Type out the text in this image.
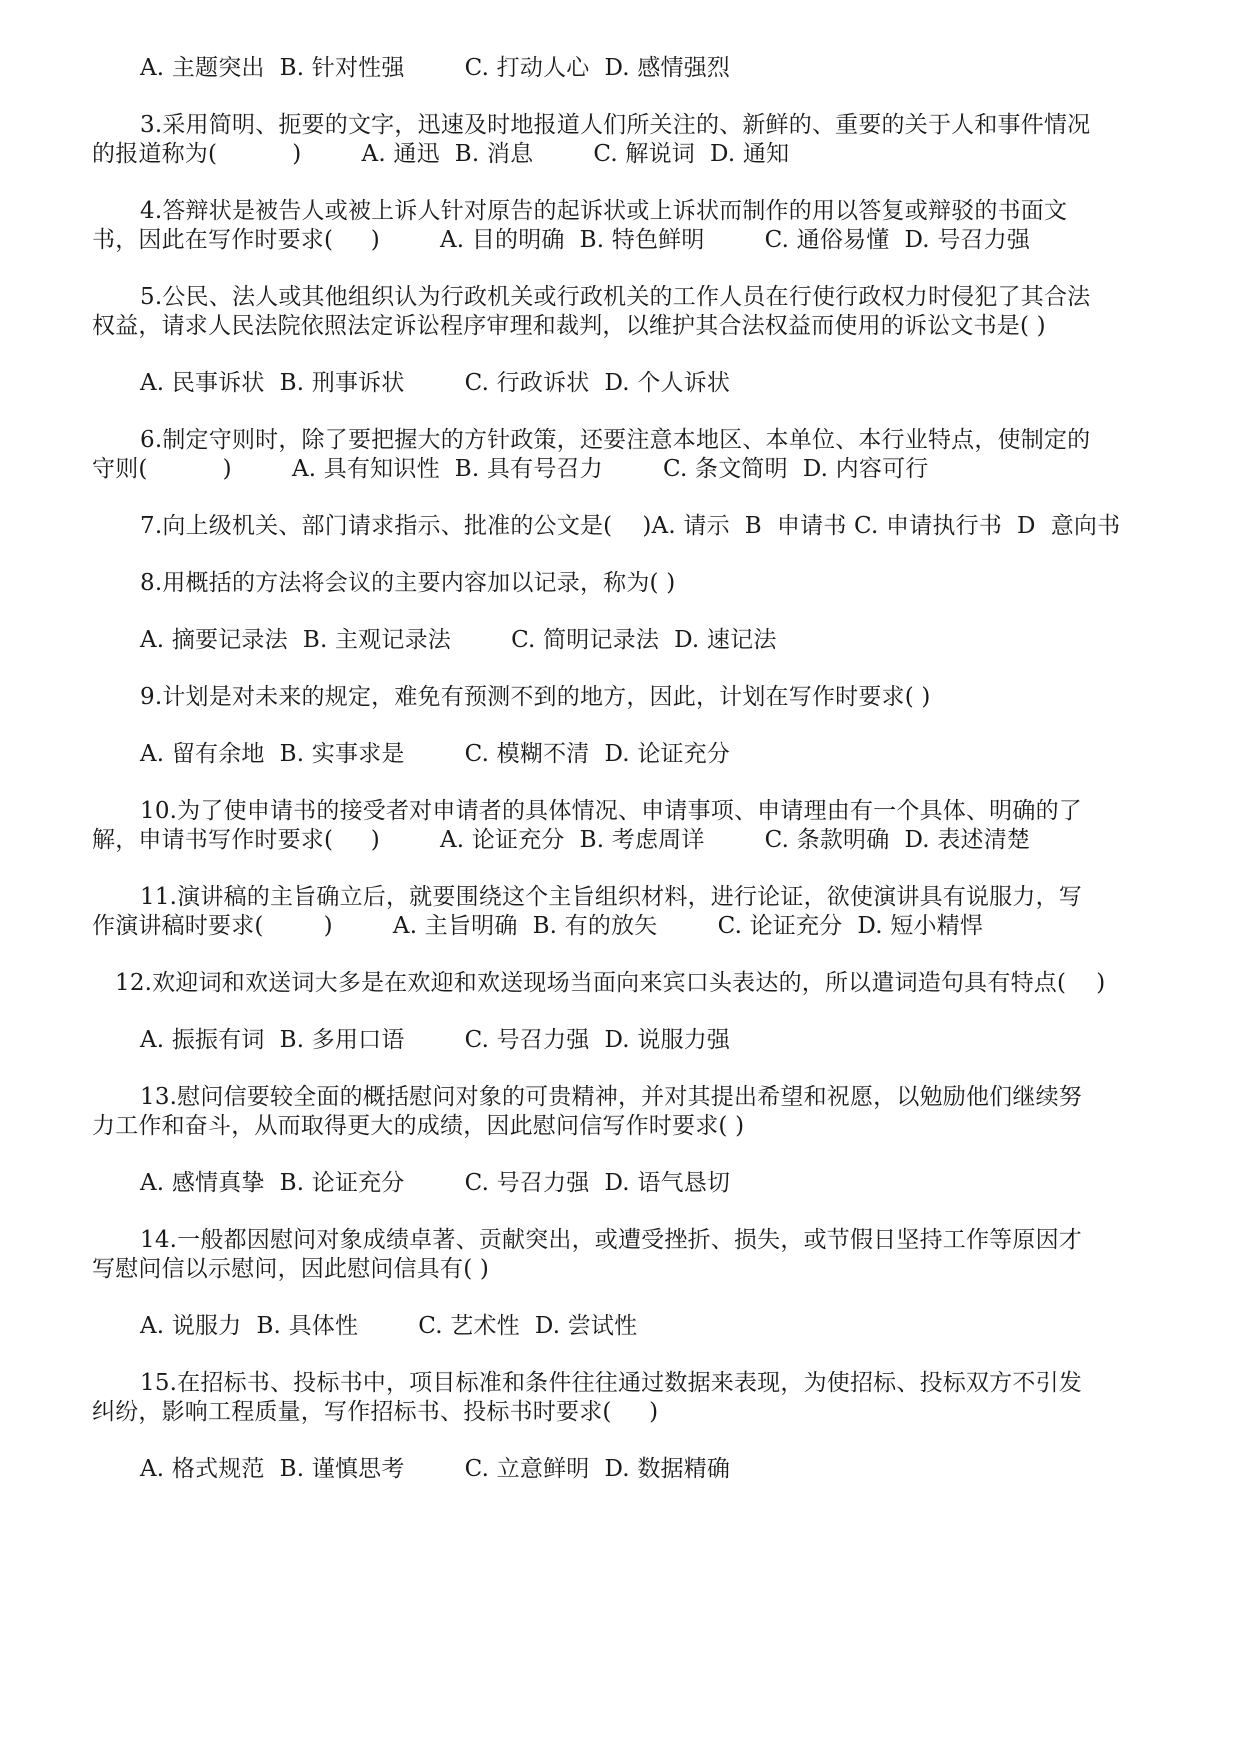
A. 主题突出  B. 针对性强        C. 打动人心  D. 感情强烈
3.采用简明、扼要的文字，迅速及时地报道人们所关注的、新鲜的、重要的关于人和事件情况
的报道称为(          )        A. 通迅  B. 消息        C. 解说词  D. 通知
4.答辩状是被告人或被上诉人针对原告的起诉状或上诉状而制作的用以答复或辩驳的书面文
书，因此在写作时要求(     )        A. 目的明确  B. 特色鲜明        C. 通俗易懂  D. 号召力强
5.公民、法人或其他组织认为行政机关或行政机关的工作人员在行使行政权力时侵犯了其合法
权益，请求人民法院依照法定诉讼程序审理和裁判，以维护其合法权益而使用的诉讼文书是( )
A. 民事诉状  B. 刑事诉状        C. 行政诉状  D. 个人诉状
6.制定守则时，除了要把握大的方针政策，还要注意本地区、本单位、本行业特点，使制定的
守则(          )        A. 具有知识性  B. 具有号召力        C. 条文简明  D. 内容可行
7.向上级机关、部门请求指示、批准的公文是(    )A. 请示  B  申请书 C. 申请执行书  D  意向书
8.用概括的方法将会议的主要内容加以记录，称为( )
A. 摘要记录法  B. 主观记录法        C. 简明记录法  D. 速记法
9.计划是对未来的规定，难免有预测不到的地方，因此，计划在写作时要求( )
A. 留有余地  B. 实事求是        C. 模糊不清  D. 论证充分
10.为了使申请书的接受者对申请者的具体情况、申请事项、申请理由有一个具体、明确的了
解，申请书写作时要求(     )        A. 论证充分  B. 考虑周详        C. 条款明确  D. 表述清楚
11.演讲稿的主旨确立后，就要围绕这个主旨组织材料，进行论证，欲使演讲具有说服力，写
作演讲稿时要求(        )        A. 主旨明确  B. 有的放矢        C. 论证充分  D. 短小精悍
12.欢迎词和欢送词大多是在欢迎和欢送现场当面向来宾口头表达的，所以遣词造句具有特点(    )
A. 振振有词  B. 多用口语        C. 号召力强  D. 说服力强
13.慰问信要较全面的概括慰问对象的可贵精神，并对其提出希望和祝愿，以勉励他们继续努
力工作和奋斗，从而取得更大的成绩，因此慰问信写作时要求( )
A. 感情真挚  B. 论证充分        C. 号召力强  D. 语气恳切
14.一般都因慰问对象成绩卓著、贡献突出，或遭受挫折、损失，或节假日坚持工作等原因才
写慰问信以示慰问，因此慰问信具有( )
A. 说服力  B. 具体性        C. 艺术性  D. 尝试性
15.在招标书、投标书中，项目标准和条件往往通过数据来表现，为使招标、投标双方不引发
纠纷，影响工程质量，写作招标书、投标书时要求(     )
A. 格式规范  B. 谨慎思考        C. 立意鲜明  D. 数据精确
